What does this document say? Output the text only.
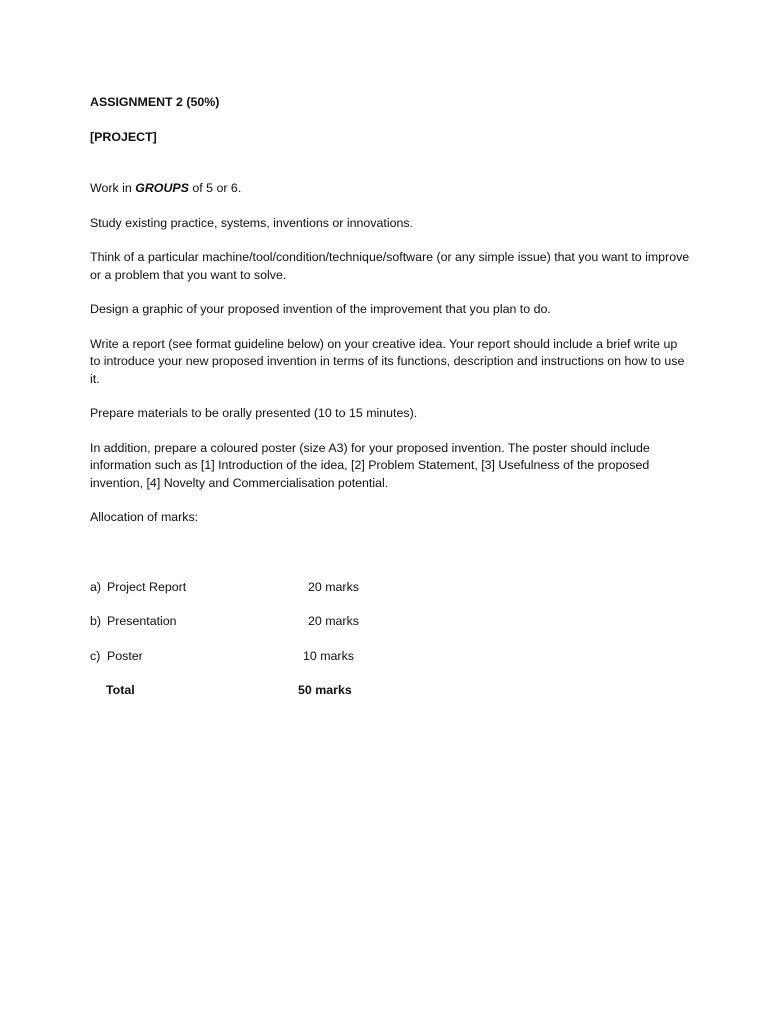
ASSIGNMENT 2 (50%)

[PROJECT]

Work in GROUPS of 5 or 6.

Study existing practice, systems, inventions or innovations.

Think of a particular machine/tool/condition/technique/software (or any simple issue) that you want to improve or a problem that you want to solve.

Design a graphic of your proposed invention of the improvement that you plan to do.

Write a report (see format guideline below) on your creative idea. Your report should include a brief write up to introduce your new proposed invention in terms of its functions, description and instructions on how to use it.

Prepare materials to be orally presented (10 to 15 minutes).

In addition, prepare a coloured poster (size A3) for your proposed invention. The poster should include information such as [1] Introduction of the idea, [2] Problem Statement, [3] Usefulness of the proposed invention, [4] Novelty and Commercialisation potential.

Allocation of marks:

a) Project Report	20 marks
b) Presentation	20 marks
c) Poster	10 marks
Total	50 marks
